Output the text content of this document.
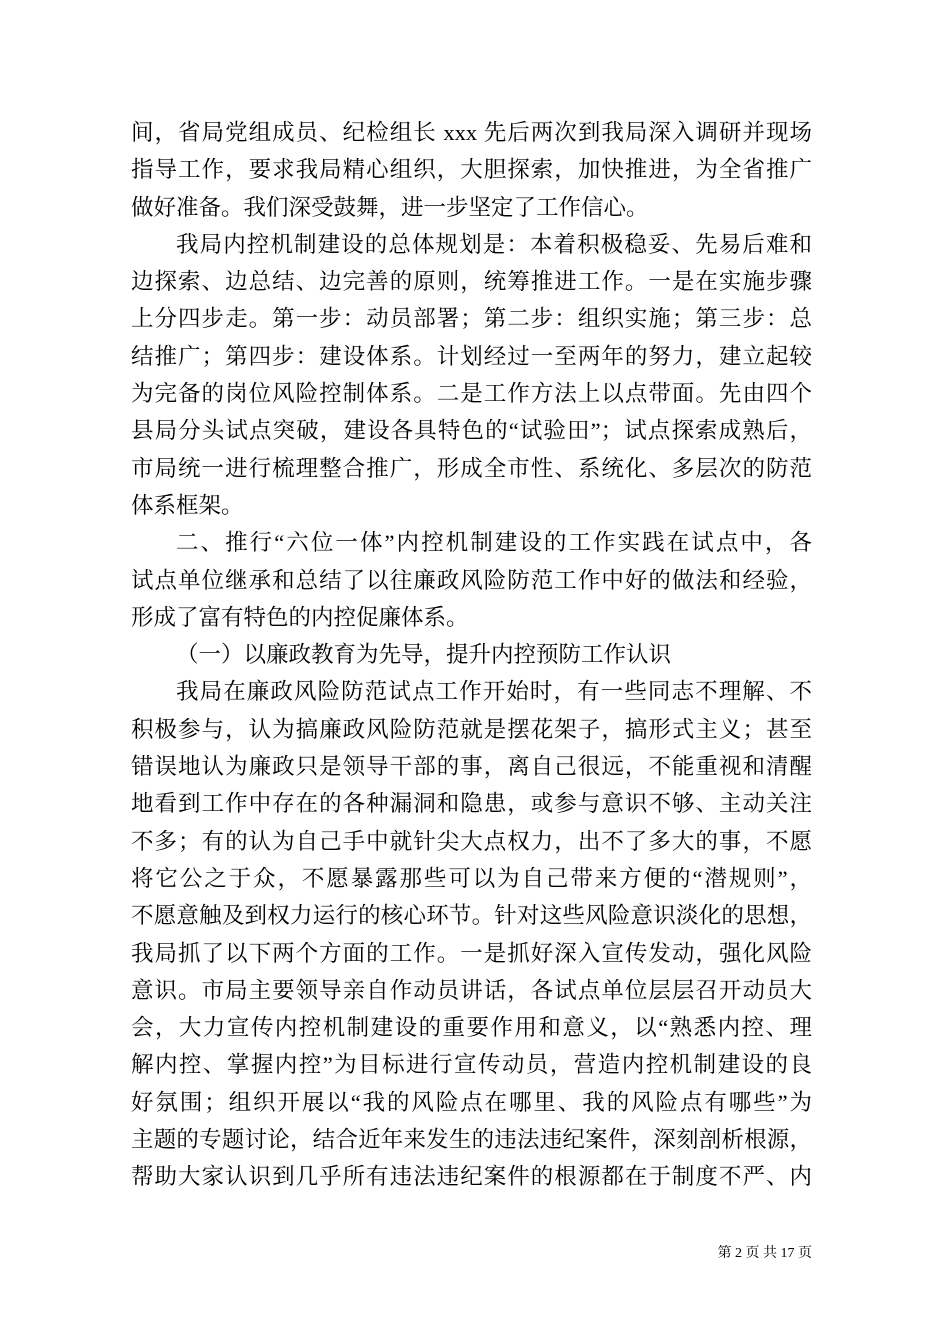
间，省局党组成员、纪检组长 xxx 先后两次到我局深入调研并现场
指导工作，要求我局精心组织，大胆探索，加快推进，为全省推广
做好准备。我们深受鼓舞，进一步坚定了工作信心。
我局内控机制建设的总体规划是：本着积极稳妥、先易后难和
边探索、边总结、边完善的原则，统筹推进工作。一是在实施步骤
上分四步走。第一步：动员部署；第二步：组织实施；第三步：总
结推广；第四步：建设体系。计划经过一至两年的努力，建立起较
为完备的岗位风险控制体系。二是工作方法上以点带面。先由四个
县局分头试点突破，建设各具特色的“试验田”；试点探索成熟后，
市局统一进行梳理整合推广，形成全市性、系统化、多层次的防范
体系框架。
二、推行“六位一体”内控机制建设的工作实践在试点中，各
试点单位继承和总结了以往廉政风险防范工作中好的做法和经验，
形成了富有特色的内控促廉体系。
（一）以廉政教育为先导，提升内控预防工作认识
我局在廉政风险防范试点工作开始时，有一些同志不理解、不
积极参与，认为搞廉政风险防范就是摆花架子，搞形式主义；甚至
错误地认为廉政只是领导干部的事，离自己很远，不能重视和清醒
地看到工作中存在的各种漏洞和隐患，或参与意识不够、主动关注
不多；有的认为自己手中就针尖大点权力，出不了多大的事，不愿
将它公之于众，不愿暴露那些可以为自己带来方便的“潜规则”，
不愿意触及到权力运行的核心环节。针对这些风险意识淡化的思想，
我局抓了以下两个方面的工作。一是抓好深入宣传发动，强化风险
意识。市局主要领导亲自作动员讲话，各试点单位层层召开动员大
会，大力宣传内控机制建设的重要作用和意义，以“熟悉内控、理
解内控、掌握内控”为目标进行宣传动员，营造内控机制建设的良
好氛围；组织开展以“我的风险点在哪里、我的风险点有哪些”为
主题的专题讨论，结合近年来发生的违法违纪案件，深刻剖析根源，
帮助大家认识到几乎所有违法违纪案件的根源都在于制度不严、内
第 2 页 共 17 页
